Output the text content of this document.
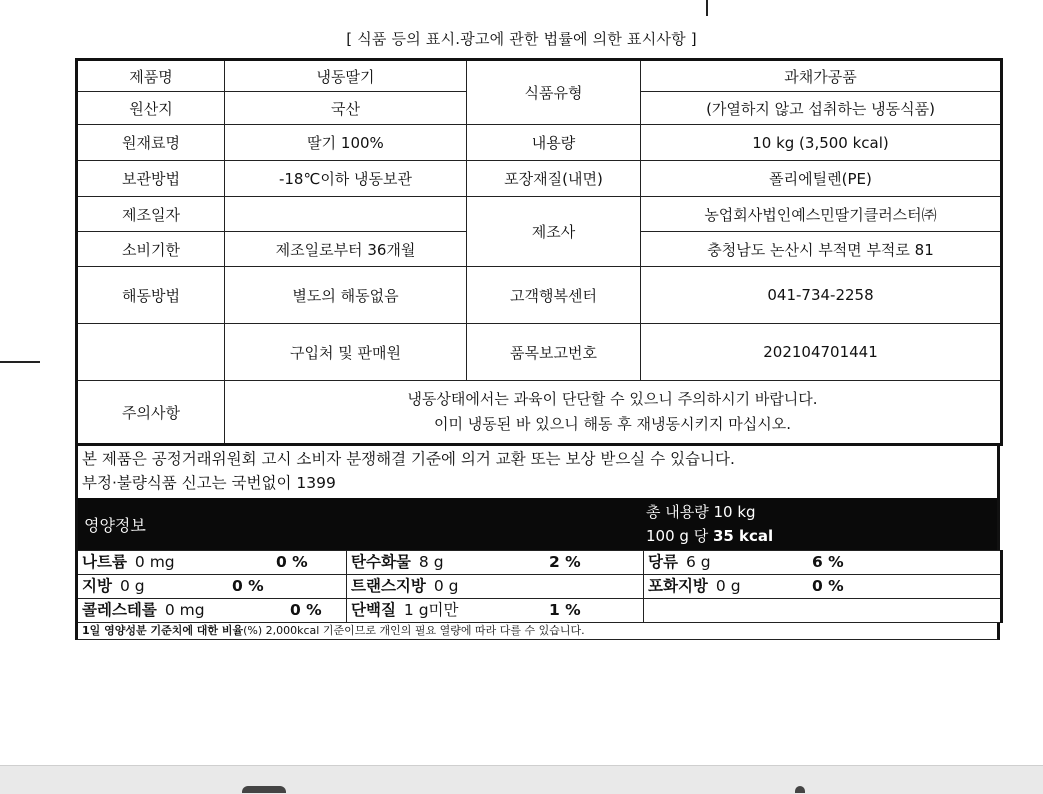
[ 식품 등의 표시.광고에 관한 법률에 의한 표시사항 ]
제품명	냉동딸기	식품유형	과채가공품
원산지	국산		(가열하지 않고 섭취하는 냉동식품)
원재료명	딸기 100%	내용량	10 kg (3,500 kcal)
보관방법	-18℃이하 냉동보관	포장재질(내면)	폴리에틸렌(PE)
제조일자		제조사	농업회사법인예스민딸기클러스터㈜
소비기한	제조일로부터 36개월		충청남도 논산시 부적면 부적로 81
해동방법	별도의 해동없음	고객행복센터	041-734-2258
	구입처 및 판매원	품목보고번호	202104701441
주의사항	냉동상태에서는 과육이 단단할 수 있으니 주의하시기 바랍니다.
이미 냉동된 바 있으니 해동 후 재냉동시키지 마십시오.		
본 제품은 공정거래위원회 고시 소비자 분쟁해결 기준에 의거 교환 또는 보상 받으실 수 있습니다.
부정·불량식품 신고는 국번없이 1399
영양정보
총 내용량 10 kg
100 g 당 35 kcal
나트륨 0 mg 0 %	탄수화물 8 g 2 %	당류 6 g 6 %

지방 0 g 0 %	트랜스지방 0 g	포화지방 0 g 0 %

콜레스테롤 0 mg 0 %	단백질 1 g미만 1 %	

1일 영양성분 기준치에 대한 비율(%) 2,000kcal 기준이므로 개인의 필요 열량에 따라 다를 수 있습니다.
